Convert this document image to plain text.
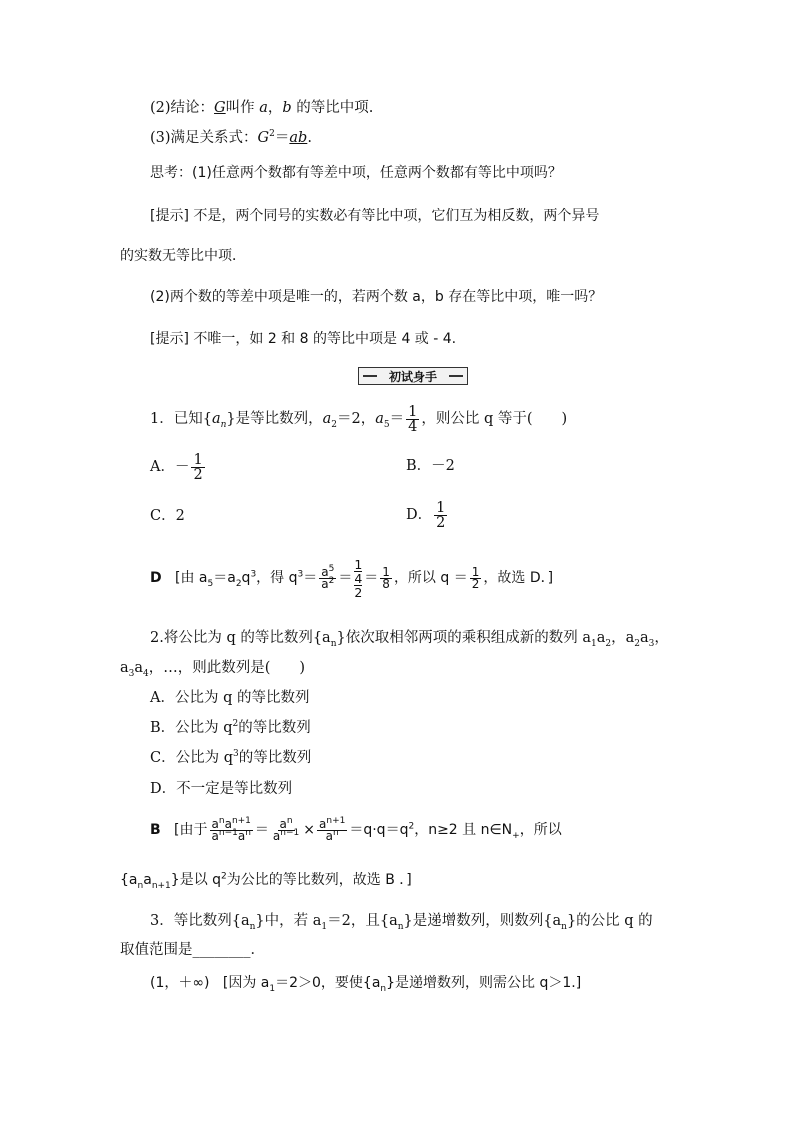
(2)结论：G叫作 a，b 的等比中项.
(3)满足关系式：$G^2=ab$.
思考：(1)任意两个数都有等差中项，任意两个数都有等比中项吗？
[提示] 不是，两个同号的实数必有等比中项，它们互为相反数，两个异号
的实数无等比中项．
(2)两个数的等差中项是唯一的，若两个数 a，b 存在等比中项，唯一吗？
[提示] 不唯一，如 2 和 8 的等比中项是 4 或 - 4.
初试身手
1．已知$\{a_n\}$是等比数列，$a_2=2$，$a_5= \frac{1}{4}$ ，则公比 q 等于(　　)
A．－ $\frac{1}{2}$	B．－2
C．2	D． $\frac{1}{2}$
D [由 $a_5=a_2q^3$，得 $q^3= \frac{a^5}{a^2}$ ＝
1
4
2
＝ $\frac{1}{8}$ ，所以 $q = \frac{1}{2}$ ，故选 D．]
2.将公比为 q 的等比数列$\{a_n\}$依次取相邻两项的乘积组成新的数列 $a_1a_2$，$a_2a_3$，
$a_3a_4$，…，则此数列是(　　)
A．公比为 q 的等比数列
B．公比为 $q^2$的等比数列
C．公比为 $q^3$的等比数列
D．不一定是等比数列
B [由于 $\frac{a^na^{n+1}}{a^{n-1}a^n} = \frac{a^n}{a^{n-1}} \times \frac{a^{n+1}}{a^n} =q\cdot q=q^2$，n≥2 且 $n\in N_+$，所以
$\{a_na_{n+1}\}$是以 $q^2$为公比的等比数列，故选 B ．]
3．等比数列$\{a_n\}$中，若 $a_1=2$，且$\{a_n\}$是递增数列，则数列$\{a_n\}$的公比 q 的
取值范围是________．
(1，＋∞) [因为 $a_1=2>0$，要使$\{a_n\}$是递增数列，则需公比 q＞1.]
